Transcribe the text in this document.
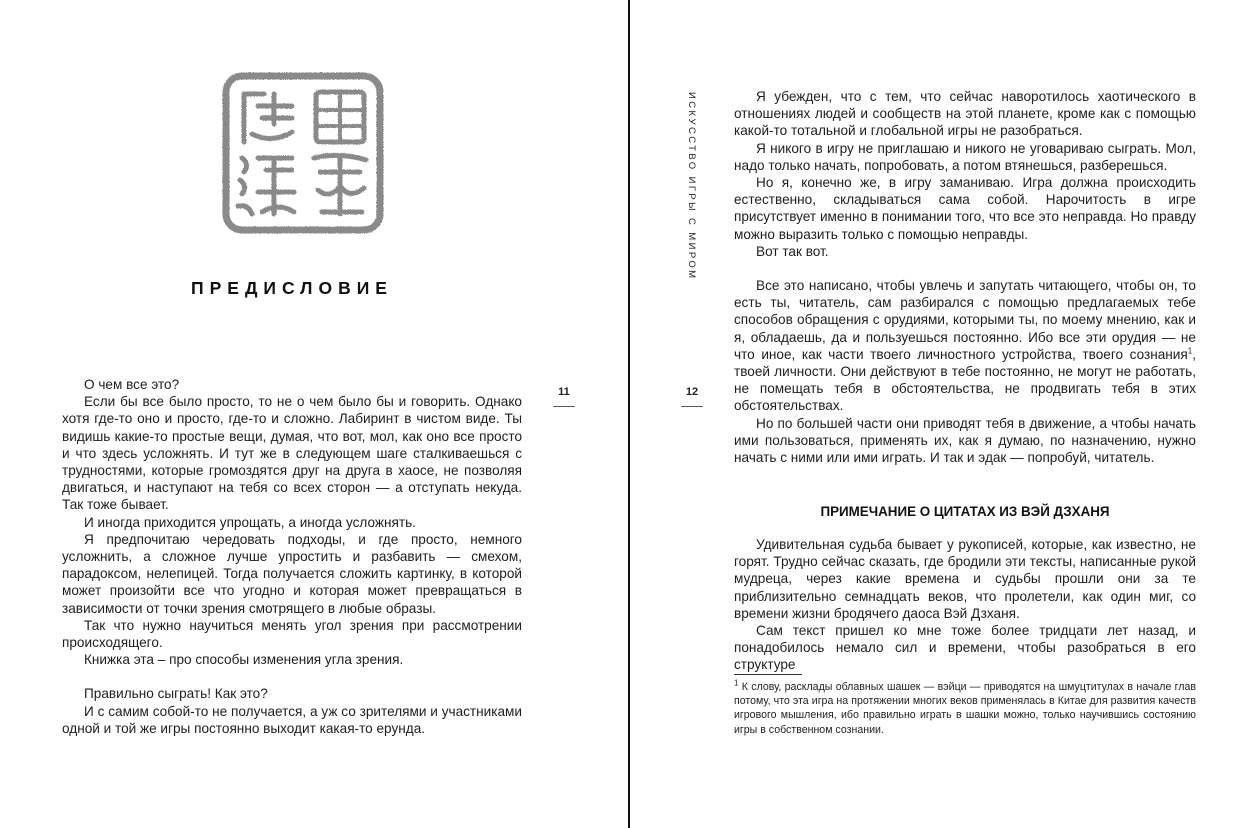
ПРЕДИСЛОВИЕ

О чем все это?

Если бы все было просто, то не о чем было бы и говорить. Однако хотя где-то оно и просто, где-то и сложно. Лабиринт в чистом виде. Ты видишь какие-то простые вещи, думая, что вот, мол, как оно все просто и что здесь усложнять. И тут же в следующем шаге сталкиваешься с трудностями, которые громоздятся друг на друга в хаосе, не позволяя двигаться, и наступают на тебя со всех сторон — а отступать некуда. Так тоже бывает.

И иногда приходится упрощать, а иногда усложнять.

Я предпочитаю чередовать подходы, и где просто, немного усложнить, а сложное лучше упростить и разбавить — смехом, парадоксом, нелепицей. Тогда получается сложить картинку, в которой может произойти все что угодно и которая может превращаться в зависимости от точки зрения смотрящего в любые образы.

Так что нужно научиться менять угол зрения при рассмотрении происходящего.

Книжка эта – про способы изменения угла зрения.

Правильно сыграть! Как это?

И с самим собой-то не получается, а уж со зрителями и участниками одной и той же игры постоянно выходит какая-то ерунда.

11
ИСКУССТВО ИГРЫ С МИРОМ
12

Я убежден, что с тем, что сейчас наворотилось хаотического в отношениях людей и сообществ на этой планете, кроме как с помощью какой-то тотальной и глобальной игры не разобраться.

Я никого в игру не приглашаю и никого не уговариваю сыграть. Мол, надо только начать, попробовать, а потом втянешься, разберешься.

Но я, конечно же, в игру заманиваю. Игра должна происходить естественно, складываться сама собой. Нарочитость в игре присутствует именно в понимании того, что все это неправда. Но правду можно выразить только с помощью неправды.

Вот так вот.

Все это написано, чтобы увлечь и запутать читающего, чтобы он, то есть ты, читатель, сам разбирался с помощью предлагаемых тебе способов обращения с орудиями, которыми ты, по моему мнению, как и я, обладаешь, да и пользуешься постоянно. Ибо все эти орудия — не что иное, как части твоего личностного устройства, твоего сознания$^1$, твоей личности. Они действуют в тебе постоянно, не могут не работать, не помещать тебя в обстоятельства, не продвигать тебя в этих обстоятельствах.

Но по большей части они приводят тебя в движение, а чтобы начать ими пользоваться, применять их, как я думаю, по назначению, нужно начать с ними или ими играть. И так и эдак — попробуй, читатель.

ПРИМЕЧАНИЕ О ЦИТАТАХ ИЗ ВЭЙ ДЗХАНЯ

Удивительная судьба бывает у рукописей, которые, как известно, не горят. Трудно сейчас сказать, где бродили эти тексты, написанные рукой мудреца, через какие времена и судьбы прошли они за те приблизительно семнадцать веков, что пролетели, как один миг, со времени жизни бродячего даоса Вэй Дзханя.

Сам текст пришел ко мне тоже более тридцати лет назад, и понадобилось немало сил и времени, чтобы разобраться в его структуре

$^1$ К слову, расклады облавных шашек — вэйци — приводятся на шмуцтитулах в начале глав потому, что эта игра на протяжении многих веков применялась в Китае для развития качеств игрового мышления, ибо правильно играть в шашки можно, только научившись состоянию игры в собственном сознании.
